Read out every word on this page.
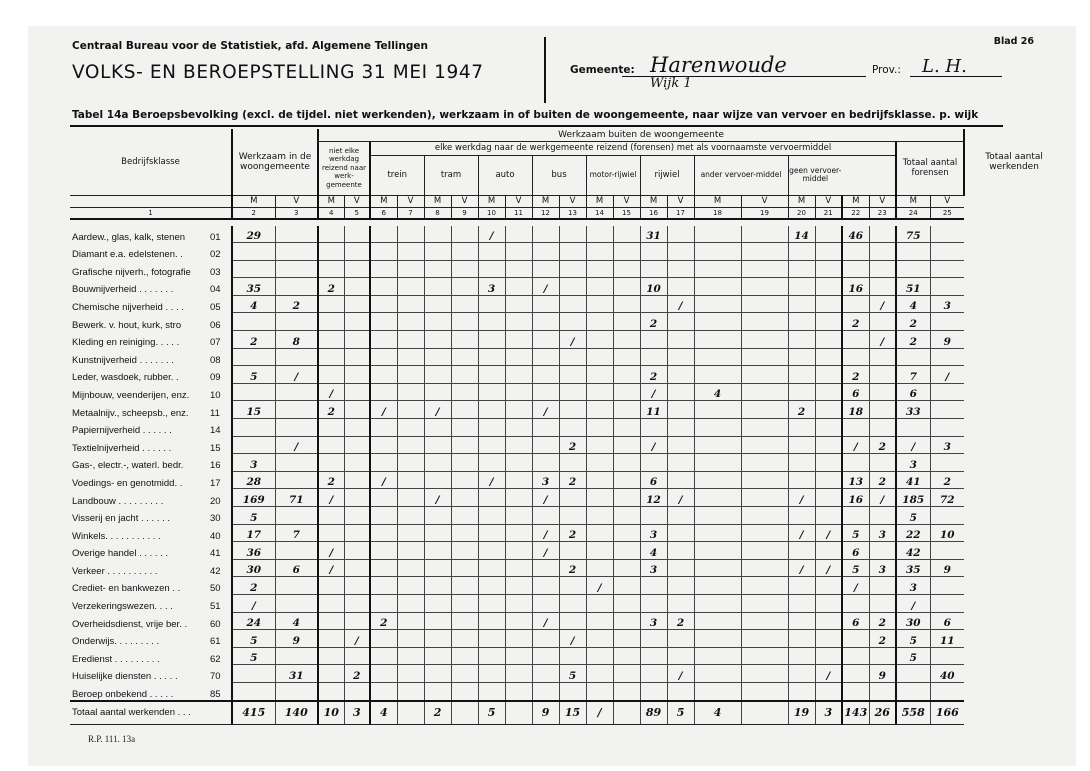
Centraal Bureau voor de Statistiek, afd. Algemene Tellingen
VOLKS- EN BEROEPSTELLING 31 MEI 1947
Blad 26
Gemeente: Harenwoude
Wijk 1
Prov.: L. H.
Tabel 14a Beroepsbevolking (excl. de tijdel. niet werkenden), werkzaam in of buiten de woongemeente, naar wijze van vervoer en bedrijfsklasse. p. wijk
Bedrijfsklasse		Werkzaam in de woongemeente		Werkzaam buiten de woongemeente																						Totaal aantal werkenden
				niet elke werkdag reizend naar werk-gemeente		elke werkdag naar de werkgemeente reizend (forensen) met als voornaamste vervoermiddel																		Totaal aantal forensen		
						trein		tram		auto		bus		motor-rijwiel		rijwiel		ander vervoer-middel		geen vervoer-middel						
		M	V	M	V	M	V	M	V	M	V	M	V	M	V	M	V	M	V	M	V	M	V	M	V	
1		2	3	4	5	6	7	8	9	10	11	12	13	14	15	16	17	18	19	20	21	22	23	24	25	

Aardew., glas, kalk, stenen	01	29								/						31				14		46		75		
Diamant e.a. edelstenen. .	02																									
Grafische nijverh., fotografie	03																									
Bouwnijverheid . . . . . . .	04	35		2						3		/				10						16		51		
Chemische nijverheid . . . .	05	4	2														/						/	4	3	
Bewerk. v. hout, kurk, stro	06															2						2		2		
Kleding en reiniging. . . . .	07	2	8										/										/	2	9	
Kunstnijverheid . . . . . . .	08																									
Leder, wasdoek, rubber. .	09	5	/													2						2		7	/	
Mijnbouw, veenderijen, enz.	10			/												/		4				6		6		
Metaalnijv., scheepsb., enz.	11	15		2		/		/				/				11				2		18		33		
Papiernijverheid . . . . . .	14																									
Textielnijverheid . . . . . .	15		/										2			/						/	2	/	3	
Gas-, electr.-, waterl. bedr.	16	3																						3		
Voedings- en genotmidd. .	17	28		2		/				/		3	2			6						13	2	41	2	
Landbouw . . . . . . . . .	20	169	71	/				/				/				12	/			/		16	/	185	72	
Visserij en jacht . . . . . .	30	5																						5		
Winkels. . . . . . . . . . .	40	17	7									/	2			3				/	/	5	3	22	10	
Overige handel . . . . . .	41	36		/								/				4						6		42		
Verkeer . . . . . . . . . .	42	30	6	/									2			3				/	/	5	3	35	9	
Crediet- en bankwezen . .	50	2												/								/		3		
Verzekeringswezen. . . .	51	/																						/		
Overheidsdienst, vrije ber. .	60	24	4			2						/				3	2					6	2	30	6	
Onderwijs. . . . . . . . .	61	5	9		/								/										2	5	11	
Eredienst . . . . . . . . .	62	5																						5		
Huiselijke diensten . . . . .	70		31		2								5				/				/		9		40	
Beroep onbekend . . . . .	85																									
Totaal aantal werkenden . . .		415	140	10	3	4		2		5		9	15	/		89	5	4		19	3	143	26	558	166	
R.P. 111. 13a
